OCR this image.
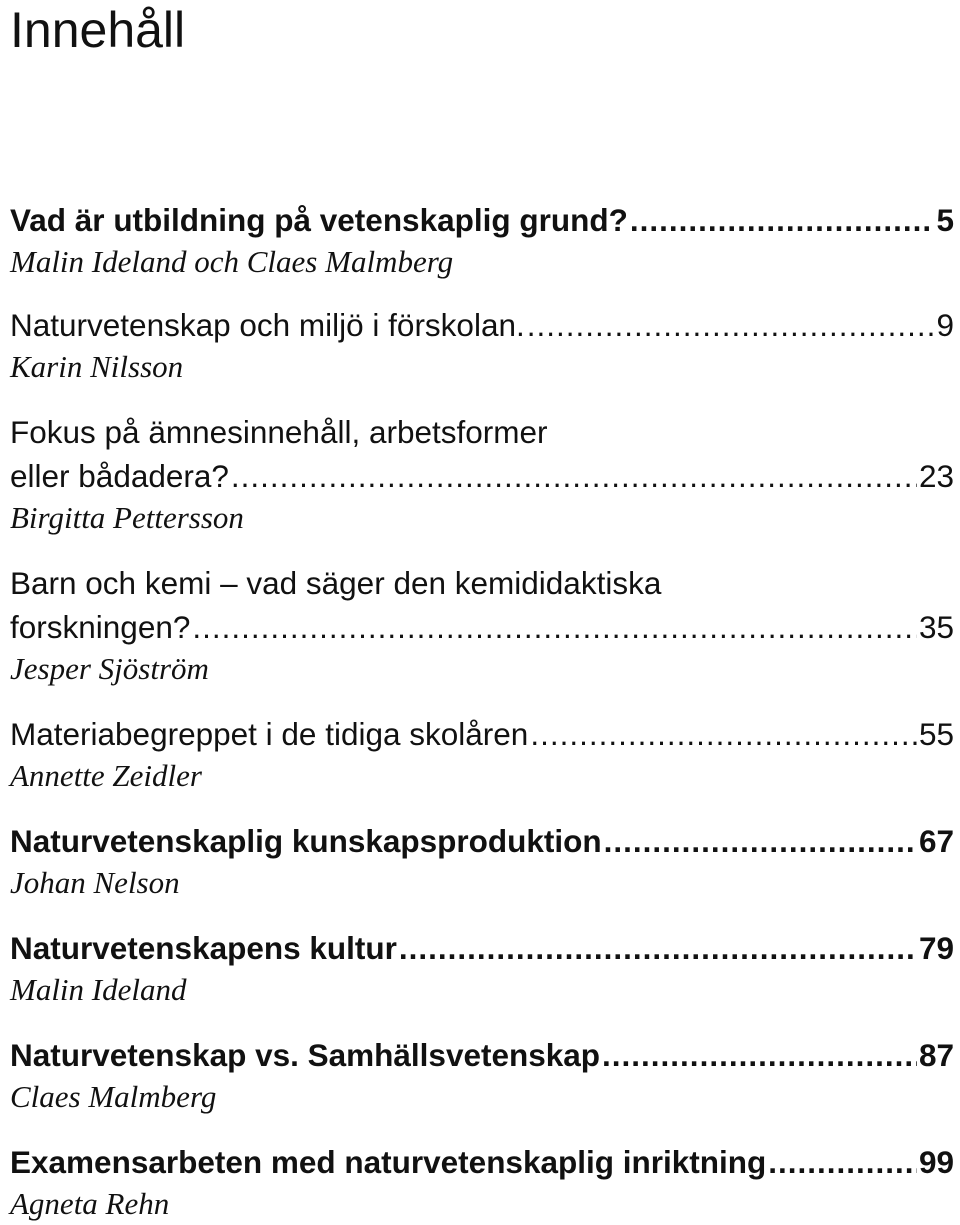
Innehåll
Vad är utbildning på vetenskaplig grund? .....	5
Malin Ideland och Claes Malmberg
Naturvetenskap och miljö i förskolan. .....	9
Karin Nilsson
Fokus på ämnesinnehåll, arbetsformer
eller bådadera? .....	23
Birgitta Pettersson
Barn och kemi – vad säger den kemididaktiska
forskningen? .....	35
Jesper Sjöström
Materiabegreppet i de tidiga skolåren .....	55
Annette Zeidler
Naturvetenskaplig kunskapsproduktion .....	67
Johan Nelson
Naturvetenskapens kultur .....	79
Malin Ideland
Naturvetenskap vs. Samhällsvetenskap .....	87
Claes Malmberg
Examensarbeten med naturvetenskaplig inriktning .....	99
Agneta Rehn
